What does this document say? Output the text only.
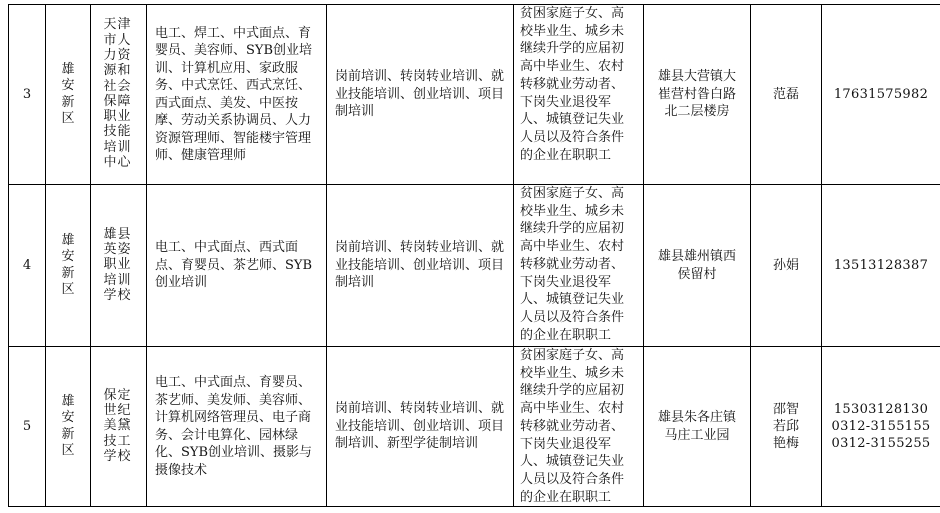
3	雄安新区	天津市人力资源和社会保障职业技能培训中心	电工、焊工、中式面点、育婴员、美容师、SYB创业培训、计算机应用、家政服务、中式烹饪、西式烹饪、西式面点、美发、中医按摩、劳动关系协调员、人力资源管理师、智能楼宇管理师、健康管理师	岗前培训、转岗转业培训、就业技能培训、创业培训、项目制培训	贫困家庭子女、高校毕业生、城乡未继续升学的应届初高中毕业生、农村转移就业劳动者、下岗失业退役军人、城镇登记失业人员以及符合条件的企业在职职工	雄县大营镇大崔营村昝白路北二层楼房	范磊	17631575982
4	雄安新区	雄县英姿职业培训学校	电工、中式面点、西式面点、育婴员、茶艺师、SYB创业培训	岗前培训、转岗转业培训、就业技能培训、创业培训、项目制培训	贫困家庭子女、高校毕业生、城乡未继续升学的应届初高中毕业生、农村转移就业劳动者、下岗失业退役军人、城镇登记失业人员以及符合条件的企业在职职工	雄县雄州镇西侯留村	孙娟	13513128387
5	雄安新区	保定世纪美黛技工学校	电工、中式面点、育婴员、茶艺师、美发师、美容师、计算机网络管理员、电子商务、会计电算化、园林绿化、SYB创业培训、摄影与摄像技术	岗前培训、转岗转业培训、就业技能培训、创业培训、项目制培训、新型学徒制培训	贫困家庭子女、高校毕业生、城乡未继续升学的应届初高中毕业生、农村转移就业劳动者、下岗失业退役军人、城镇登记失业人员以及符合条件的企业在职职工	雄县朱各庄镇马庄工业园	邵智若邱艳梅	15303128130 0312-3155155 0312-3155255
